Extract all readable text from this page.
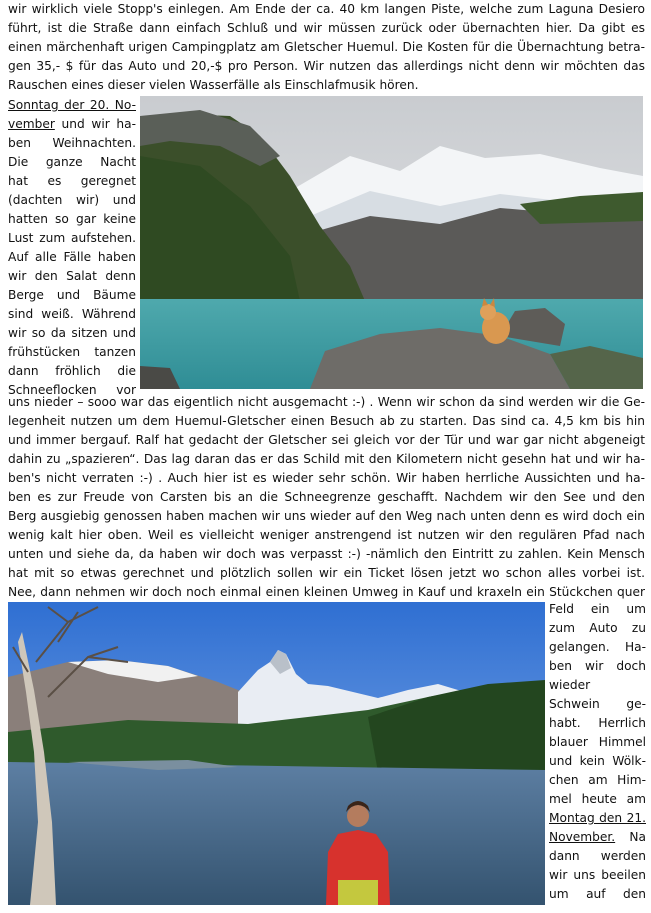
wir wirklich viele Stopp's einlegen. Am Ende der ca. 40 km langen Piste, welche zum Laguna Desiero
führt, ist die Straße dann einfach Schluß und wir müssen zurück oder übernachten hier. Da gibt es
einen märchenhaft urigen Campingplatz am Gletscher Huemul. Die Kosten für die Übernachtung betra-
gen 35,- $ für das Auto und 20,-$ pro Person. Wir nutzen das allerdings nicht denn wir möchten das
Rauschen eines dieser vielen Wasserfälle als Einschlafmusik hören.
Sonntag der 20. No-
vember und wir ha-
ben Weihnachten.
Die ganze Nacht
hat es geregnet
(dachten wir) und
hatten so gar keine
Lust zum aufstehen.
Auf alle Fälle haben
wir den Salat denn
Berge und Bäume
sind weiß. Während
wir so da sitzen und
frühstücken tanzen
dann fröhlich die
Schneeflocken vor
uns nieder – sooo war das eigentlich nicht ausgemacht :-) . Wenn wir schon da sind werden wir die Ge-
legenheit nutzen um dem Huemul-Gletscher einen Besuch ab zu starten. Das sind ca. 4,5 km bis hin
und immer bergauf. Ralf hat gedacht der Gletscher sei gleich vor der Tür und war gar nicht abgeneigt
dahin zu „spazieren“. Das lag daran das er das Schild mit den Kilometern nicht gesehn hat und wir ha-
ben's nicht verraten :-) . Auch hier ist es wieder sehr schön. Wir haben herrliche Aussichten und ha-
ben es zur Freude von Carsten bis an die Schneegrenze geschafft. Nachdem wir den See und den
Berg ausgiebig genossen haben machen wir uns wieder auf den Weg nach unten denn es wird doch ein
wenig kalt hier oben. Weil es vielleicht weniger anstrengend ist nutzen wir den regulären Pfad nach
unten und siehe da, da haben wir doch was verpasst :-) -nämlich den Eintritt zu zahlen. Kein Mensch
hat mit so etwas gerechnet und plötzlich sollen wir ein Ticket lösen jetzt wo schon alles vorbei ist.
Nee, dann nehmen wir doch noch einmal einen kleinen Umweg in Kauf und kraxeln ein Stückchen quer
Feld ein um
zum Auto zu
gelangen. Ha-
ben wir doch
wieder
Schwein ge-
habt. Herrlich
blauer Himmel
und kein Wölk-
chen am Him-
mel heute am
Montag den 21.
November. Na
dann werden
wir uns beeilen
um auf den
